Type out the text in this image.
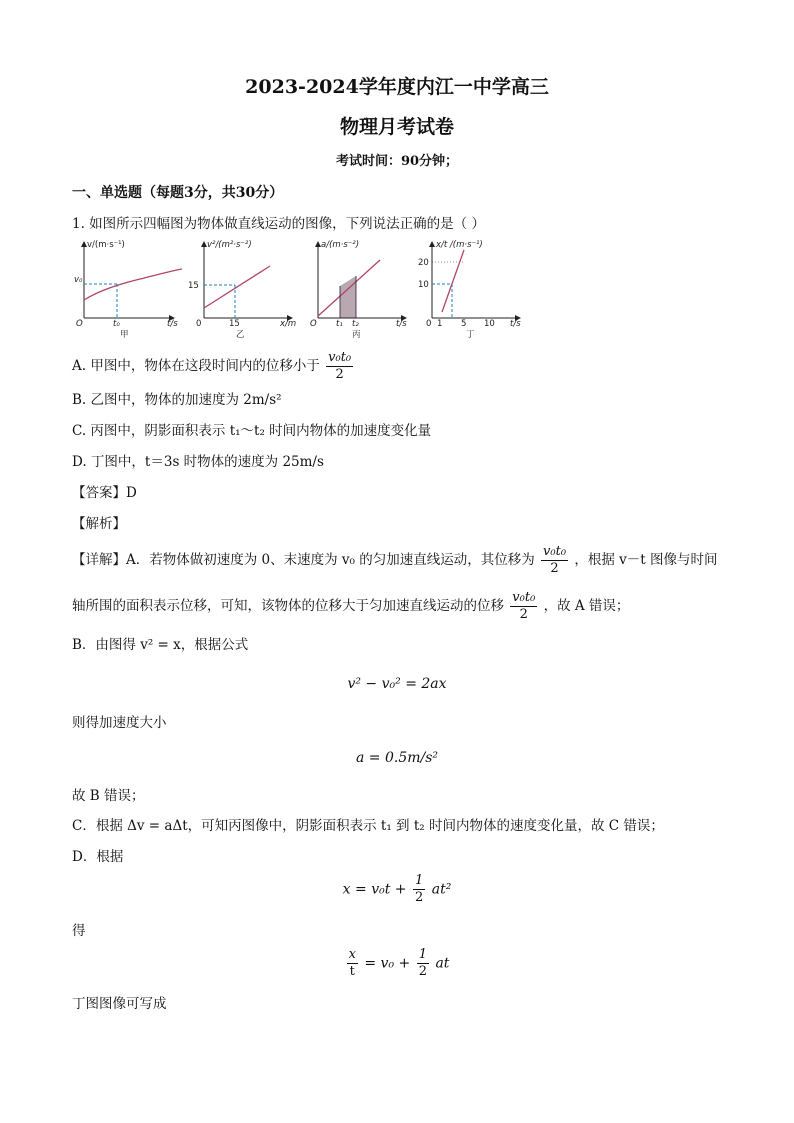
2023-2024学年度内江一中学高三
物理月考试卷
考试时间：90分钟；
一、单选题（每题3分，共30分）
1. 如图所示四幅图为物体做直线运动的图像，下列说法正确的是（ ）
v/(m·s⁻¹)
v₀
O	t₀	t/s
甲
v²/(m²·s⁻²)
15
0	15	x/m
乙
a/(m·s⁻²)
O t₁ t₂	t/s
丙
x/t /(m·s⁻¹)
20
10
0 1 5 10 t/s
丁
A. 甲图中，物体在这段时间内的位移小于 $\frac{\text{v₀t₀}}{2}$
B. 乙图中，物体的加速度为 2m/s²
C. 丙图中，阴影面积表示 t₁～t₂ 时间内物体的加速度变化量
D. 丁图中，t＝3s 时物体的速度为 25m/s
【答案】D
【解析】
【详解】A．若物体做初速度为 0、末速度为 v₀ 的匀加速直线运动，其位移为 $\frac{\text{v₀t₀}}{2}$ ，根据 v－t 图像与时间
轴所围的面积表示位移，可知，该物体的位移大于匀加速直线运动的位移 $\frac{\text{v₀t₀}}{2}$ ，故 A 错误；
B．由图得 v² = x，根据公式
v² − v₀² = 2ax
则得加速度大小
a = 0.5m/s²
故 B 错误；
C．根据 Δv = aΔt，可知丙图像中，阴影面积表示 t₁ 到 t₂ 时间内物体的速度变化量，故 C 错误；
D．根据
$x = v_0t + \frac{1}{2} at^2$
得
$\frac{x}{t} = v_0 + \frac{1}{2}$ at
丁图图像可写成
